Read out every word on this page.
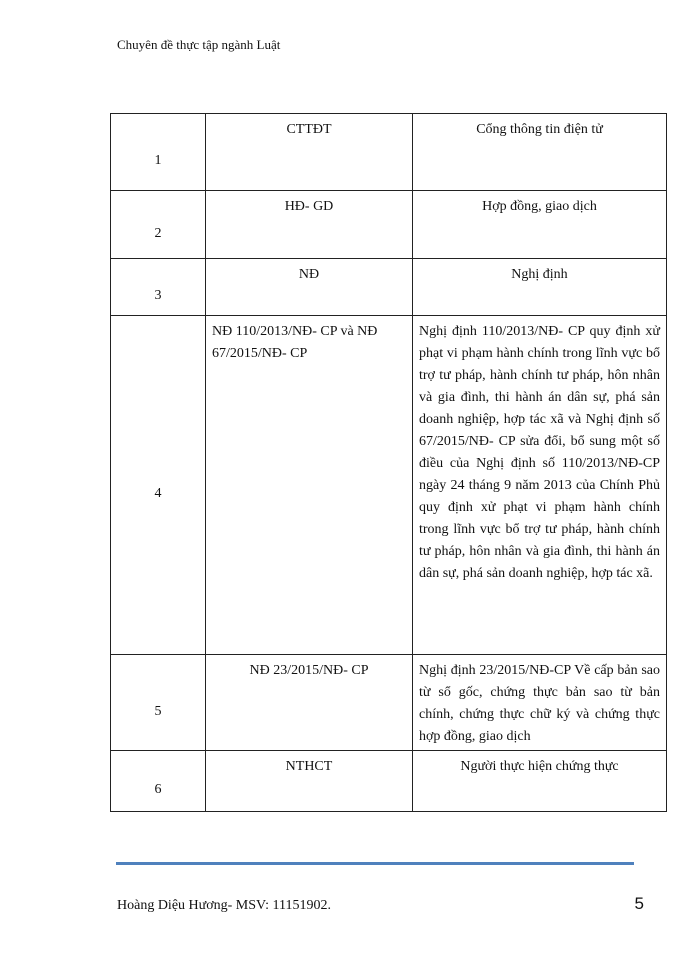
Chuyên đề thực tập ngành Luật
1	CTTĐT	Cổng thông tin điện tử

2	HĐ- GD	Hợp đồng, giao dịch

3	NĐ	Nghị định

4	NĐ 110/2013/NĐ- CP và NĐ 67/2015/NĐ- CP	Nghị định 110/2013/NĐ- CP quy định xử phạt vi phạm hành chính trong lĩnh vực bổ trợ tư pháp, hành chính tư pháp, hôn nhân và gia đình, thi hành án dân sự, phá sản doanh nghiệp, hợp tác xã và Nghị định số 67/2015/NĐ- CP sửa đổi, bổ sung một số điều của Nghị định số 110/2013/NĐ-CP ngày 24 tháng 9 năm 2013 của Chính Phủ quy định xử phạt vi phạm hành chính trong lĩnh vực bổ trợ tư pháp, hành chính tư pháp, hôn nhân và gia đình, thi hành án dân sự, phá sản doanh nghiệp, hợp tác xã.

5	NĐ 23/2015/NĐ- CP	Nghị định 23/2015/NĐ-CP Về cấp bản sao từ sổ gốc, chứng thực bản sao từ bản chính, chứng thực chữ ký và chứng thực hợp đồng, giao dịch

6	NTHCT	Người thực hiện chứng thực
Hoàng Diệu Hương- MSV: 11151902.	5
